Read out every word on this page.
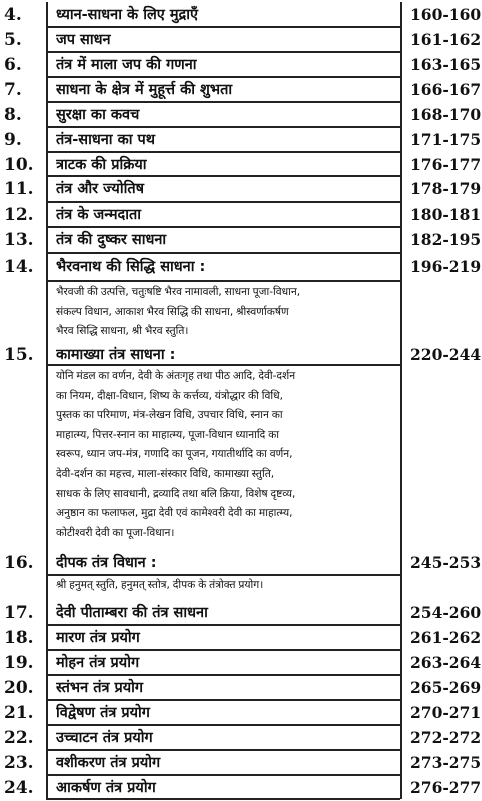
4.	ध्यान-साधना के लिए मुद्राएँ	160-160
5.	जप साधन	161-162
6.	तंत्र में माला जप की गणना	163-165
7.	साधना के क्षेत्र में मुहूर्त्त की शुभता	166-167
8.	सुरक्षा का कवच	168-170
9.	तंत्र-साधना का पथ	171-175
10.	त्राटक की प्रक्रिया	176-177
11.	तंत्र और ज्योतिष	178-179
12.	तंत्र के जन्मदाता	180-181
13.	तंत्र की दुष्कर साधना	182-195
14.	भैरवनाथ की सिद्धि साधना :	196-219
भैरवजी की उत्पत्ति, चतुःषष्टि भैरव नामावली, साधना पूजा-विधान,
संकल्प विधान, आकाश भैरव सिद्धि की साधना, श्रीस्वर्णाकर्षण
भैरव सिद्धि साधना, श्री भैरव स्तुति।
15.	कामाख्या तंत्र साधना :	220-244
योनि मंडल का वर्णन, देवी के अंतःगृह तथा पीठ आदि, देवी-दर्शन
का नियम, दीक्षा-विधान, शिष्य के कर्त्तव्य, यंत्रोद्धार की विधि,
पुस्तक का परिमाण, मंत्र-लेखन विधि, उपचार विधि, स्नान का
माहात्म्य, पित्तर-स्नान का माहात्म्य, पूजा-विधान ध्यानादि का
स्वरूप, ध्यान जप-मंत्र, गणादि का पूजन, गयातीर्थादि का वर्णन,
देवी-दर्शन का महत्त्व, माला-संस्कार विधि, कामाख्या स्तुति,
साधक के लिए सावधानी, द्रव्यादि तथा बलि क्रिया, विशेष दृष्टव्य,
अनुष्ठान का फलाफल, मुद्रा देवी एवं कामेश्वरी देवी का माहात्म्य,
कोटीश्वरी देवी का पूजा-विधान।
16.	दीपक तंत्र विधान :	245-253
श्री हनुमत् स्तुति, हनुमत् स्तोत्र, दीपक के तंत्रोक्त प्रयोग।
17.	देवी पीताम्बरा की तंत्र साधना	254-260
18.	मारण तंत्र प्रयोग	261-262
19.	मोहन तंत्र प्रयोग	263-264
20.	स्तंभन तंत्र प्रयोग	265-269
21.	विद्वेषण तंत्र प्रयोग	270-271
22.	उच्चाटन तंत्र प्रयोग	272-272
23.	वशीकरण तंत्र प्रयोग	273-275
24.	आकर्षण तंत्र प्रयोग	276-277
